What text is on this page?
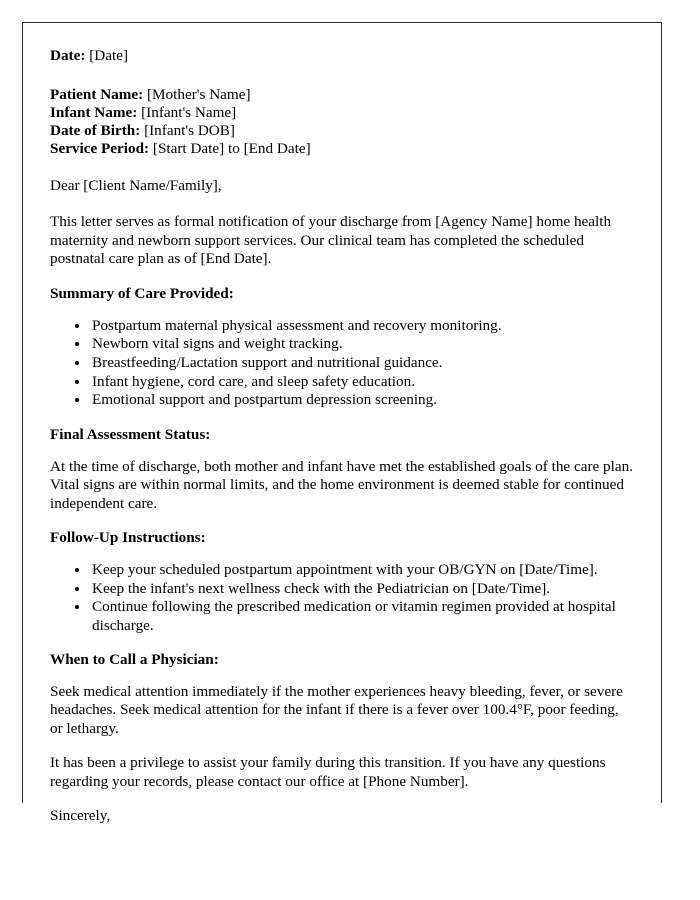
Date: [Date]
Patient Name: [Mother's Name]
Infant Name: [Infant's Name]
Date of Birth: [Infant's DOB]
Service Period: [Start Date] to [End Date]

Dear [Client Name/Family],

This letter serves as formal notification of your discharge from [Agency Name] home health maternity and newborn support services. Our clinical team has completed the scheduled postnatal care plan as of [End Date].

Summary of Care Provided:
• Postpartum maternal physical assessment and recovery monitoring.
• Newborn vital signs and weight tracking.
• Breastfeeding/Lactation support and nutritional guidance.
• Infant hygiene, cord care, and sleep safety education.
• Emotional support and postpartum depression screening.
Final Assessment Status:

At the time of discharge, both mother and infant have met the established goals of the care plan. Vital signs are within normal limits, and the home environment is deemed stable for continued independent care.

Follow-Up Instructions:
• Keep your scheduled postpartum appointment with your OB/GYN on [Date/Time].
• Keep the infant's next wellness check with the Pediatrician on [Date/Time].
• Continue following the prescribed medication or vitamin regimen provided at hospital discharge.
When to Call a Physician:

Seek medical attention immediately if the mother experiences heavy bleeding, fever, or severe headaches. Seek medical attention for the infant if there is a fever over 100.4°F, poor feeding, or lethargy.

It has been a privilege to assist your family during this transition. If you have any questions regarding your records, please contact our office at [Phone Number].

Sincerely,
